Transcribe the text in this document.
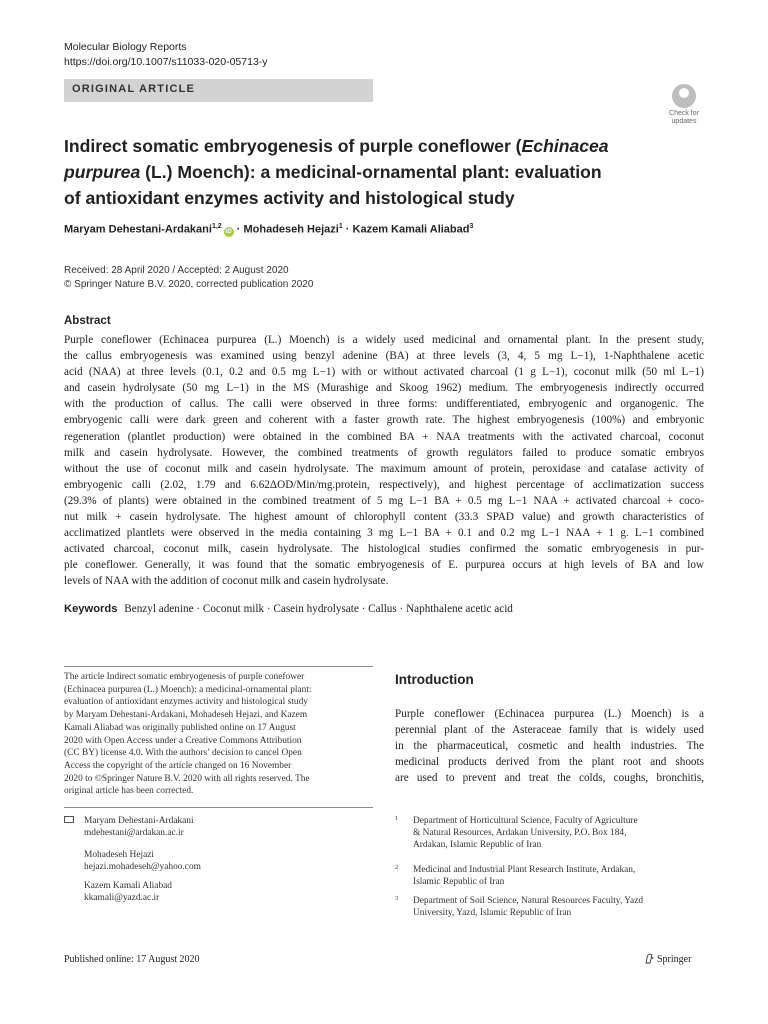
Molecular Biology Reports
https://doi.org/10.1007/s11033-020-05713-y
ORIGINAL ARTICLE
Check for
updates
Indirect somatic embryogenesis of purple coneflower (Echinacea
purpurea (L.) Moench): a medicinal-ornamental plant: evaluation
of antioxidant enzymes activity and histological study
Maryam Dehestani-Ardakani$^{1,2}$iD · Mohadeseh Hejazi$^1$ · Kazem Kamali Aliabad$^3$
Received: 28 April 2020 / Accepted: 2 August 2020
© Springer Nature B.V. 2020, corrected publication 2020
Abstract
Purple coneflower (Echinacea purpurea (L.) Moench) is a widely used medicinal and ornamental plant. In the present study,
the callus embryogenesis was examined using benzyl adenine (BA) at three levels (3, 4, 5 mg L−1), 1-Naphthalene acetic
acid (NAA) at three levels (0.1, 0.2 and 0.5 mg L−1) with or without activated charcoal (1 g L−1), coconut milk (50 ml L−1)
and casein hydrolysate (50 mg L−1) in the MS (Murashige and Skoog 1962) medium. The embryogenesis indirectly occurred
with the production of callus. The calli were observed in three forms: undifferentiated, embryogenic and organogenic. The
embryogenic calli were dark green and coherent with a faster growth rate. The highest embryogenesis (100%) and embryonic
regeneration (plantlet production) were obtained in the combined BA + NAA treatments with the activated charcoal, coconut
milk and casein hydrolysate. However, the combined treatments of growth regulators failed to produce somatic embryos
without the use of coconut milk and casein hydrolysate. The maximum amount of protein, peroxidase and catalase activity of
embryogenic calli (2.02, 1.79 and 6.62ΔOD/Min/mg.protein, respectively), and highest percentage of acclimatization success
(29.3% of plants) were obtained in the combined treatment of 5 mg L−1 BA + 0.5 mg L−1 NAA + activated charcoal + coco-
nut milk + casein hydrolysate. The highest amount of chlorophyll content (33.3 SPAD value) and growth characteristics of
acclimatized plantlets were observed in the media containing 3 mg L−1 BA + 0.1 and 0.2 mg L−1 NAA + 1 g. L−1 combined
activated charcoal, coconut milk, casein hydrolysate. The histological studies confirmed the somatic embryogenesis in pur-
ple coneflower. Generally, it was found that the somatic embryogenesis of E. purpurea occurs at high levels of BA and low
levels of NAA with the addition of coconut milk and casein hydrolysate.
Keywords Benzyl adenine · Coconut milk · Casein hydrolysate · Callus · Naphthalene acetic acid
The article Indirect somatic embryogenesis of purple conefower
(Echinacea purpurea (L.) Moench): a medicinal-ornamental plant:
evaluation of antioxidant enzymes activity and histological study
by Maryam Dehestani-Ardakani, Mohadeseh Hejazi, and Kazem
Kamali Aliabad was originally published online on 17 August
2020 with Open Access under a Creative Commons Attribution
(CC BY) license 4.0. With the authors’ decision to cancel Open
Access the copyright of the article changed on 16 November
2020 to ©Springer Nature B.V. 2020 with all rights reserved. The
original article has been corrected.
Maryam Dehestani-Ardakani
mdehestani@ardakan.ac.ir
Mohadeseh Hejazi
hejazi.mohadeseh@yahoo.com
Kazem Kamali Aliabad
kkamali@yazd.ac.ir
Introduction
Purple coneflower (Echinacea purpurea (L.) Moench) is a
perennial plant of the Asteraceae family that is widely used
in the pharmaceutical, cosmetic and health industries. The
medicinal products derived from the plant root and shoots
are used to prevent and treat the colds, coughs, bronchitis,
1 Department of Horticultural Science, Faculty of Agriculture
& Natural Resources, Ardakan University, P.O. Box 184,
Ardakan, Islamic Republic of Iran
2 Medicinal and Industrial Plant Research Institute, Ardakan,
Islamic Republic of Iran
3 Department of Soil Science, Natural Resources Faculty, Yazd
University, Yazd, Islamic Republic of Iran
Published online: 17 August 2020	Springer
